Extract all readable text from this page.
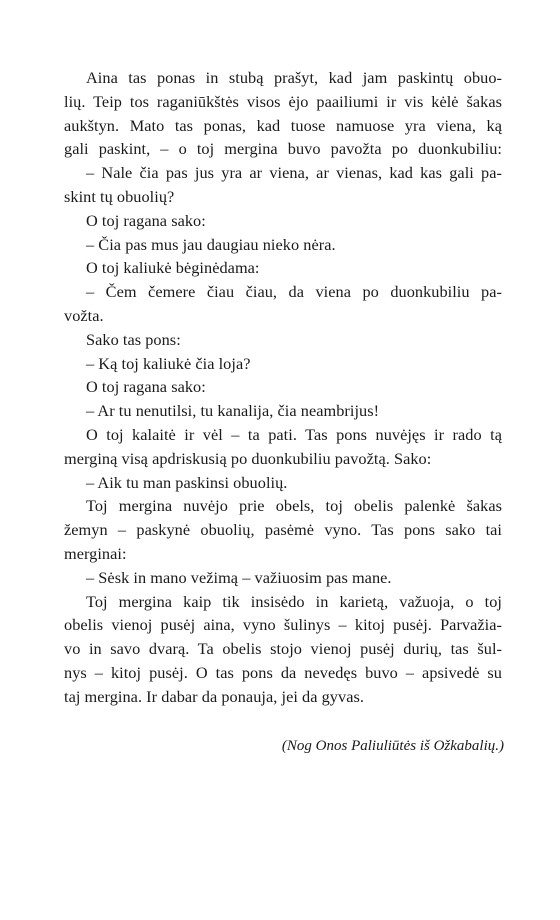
Aina tas ponas in stubą prašyt, kad jam paskintų obuo-
lių. Teip tos raganiūkštės visos ėjo paailiumi ir vis kėlė šakas
aukštyn. Mato tas ponas, kad tuose namuose yra viena, ką
gali paskint, – o toj mergina buvo pavožta po duonkubiliu:
– Nale čia pas jus yra ar viena, ar vienas, kad kas gali pa-
skint tų obuolių?
O toj ragana sako:
– Čia pas mus jau daugiau nieko nėra.
O toj kaliukė bėginėdama:
– Čem čemere čiau čiau, da viena po duonkubiliu pa-
vožta.
Sako tas pons:
– Ką toj kaliukė čia loja?
O toj ragana sako:
– Ar tu nenutilsi, tu kanalija, čia neambrijus!
O toj kalaitė ir vėl – ta pati. Tas pons nuvėjęs ir rado tą
merginą visą apdriskusią po duonkubiliu pavožtą. Sako:
– Aik tu man paskinsi obuolių.
Toj mergina nuvėjo prie obels, toj obelis palenkė šakas
žemyn – paskynė obuolių, pasėmė vyno. Tas pons sako tai
merginai:
– Sėsk in mano vežimą – važiuosim pas mane.
Toj mergina kaip tik insisėdo in karietą, važuoja, o toj
obelis vienoj pusėj aina, vyno šulinys – kitoj pusėj. Parvažia-
vo in savo dvarą. Ta obelis stojo vienoj pusėj durių, tas šul-
nys – kitoj pusėj. O tas pons da nevedęs buvo – apsivedė su
taj mergina. Ir dabar da ponauja, jei da gyvas.
(Nog Onos Paliuliūtės iš Ožkabalių.)
